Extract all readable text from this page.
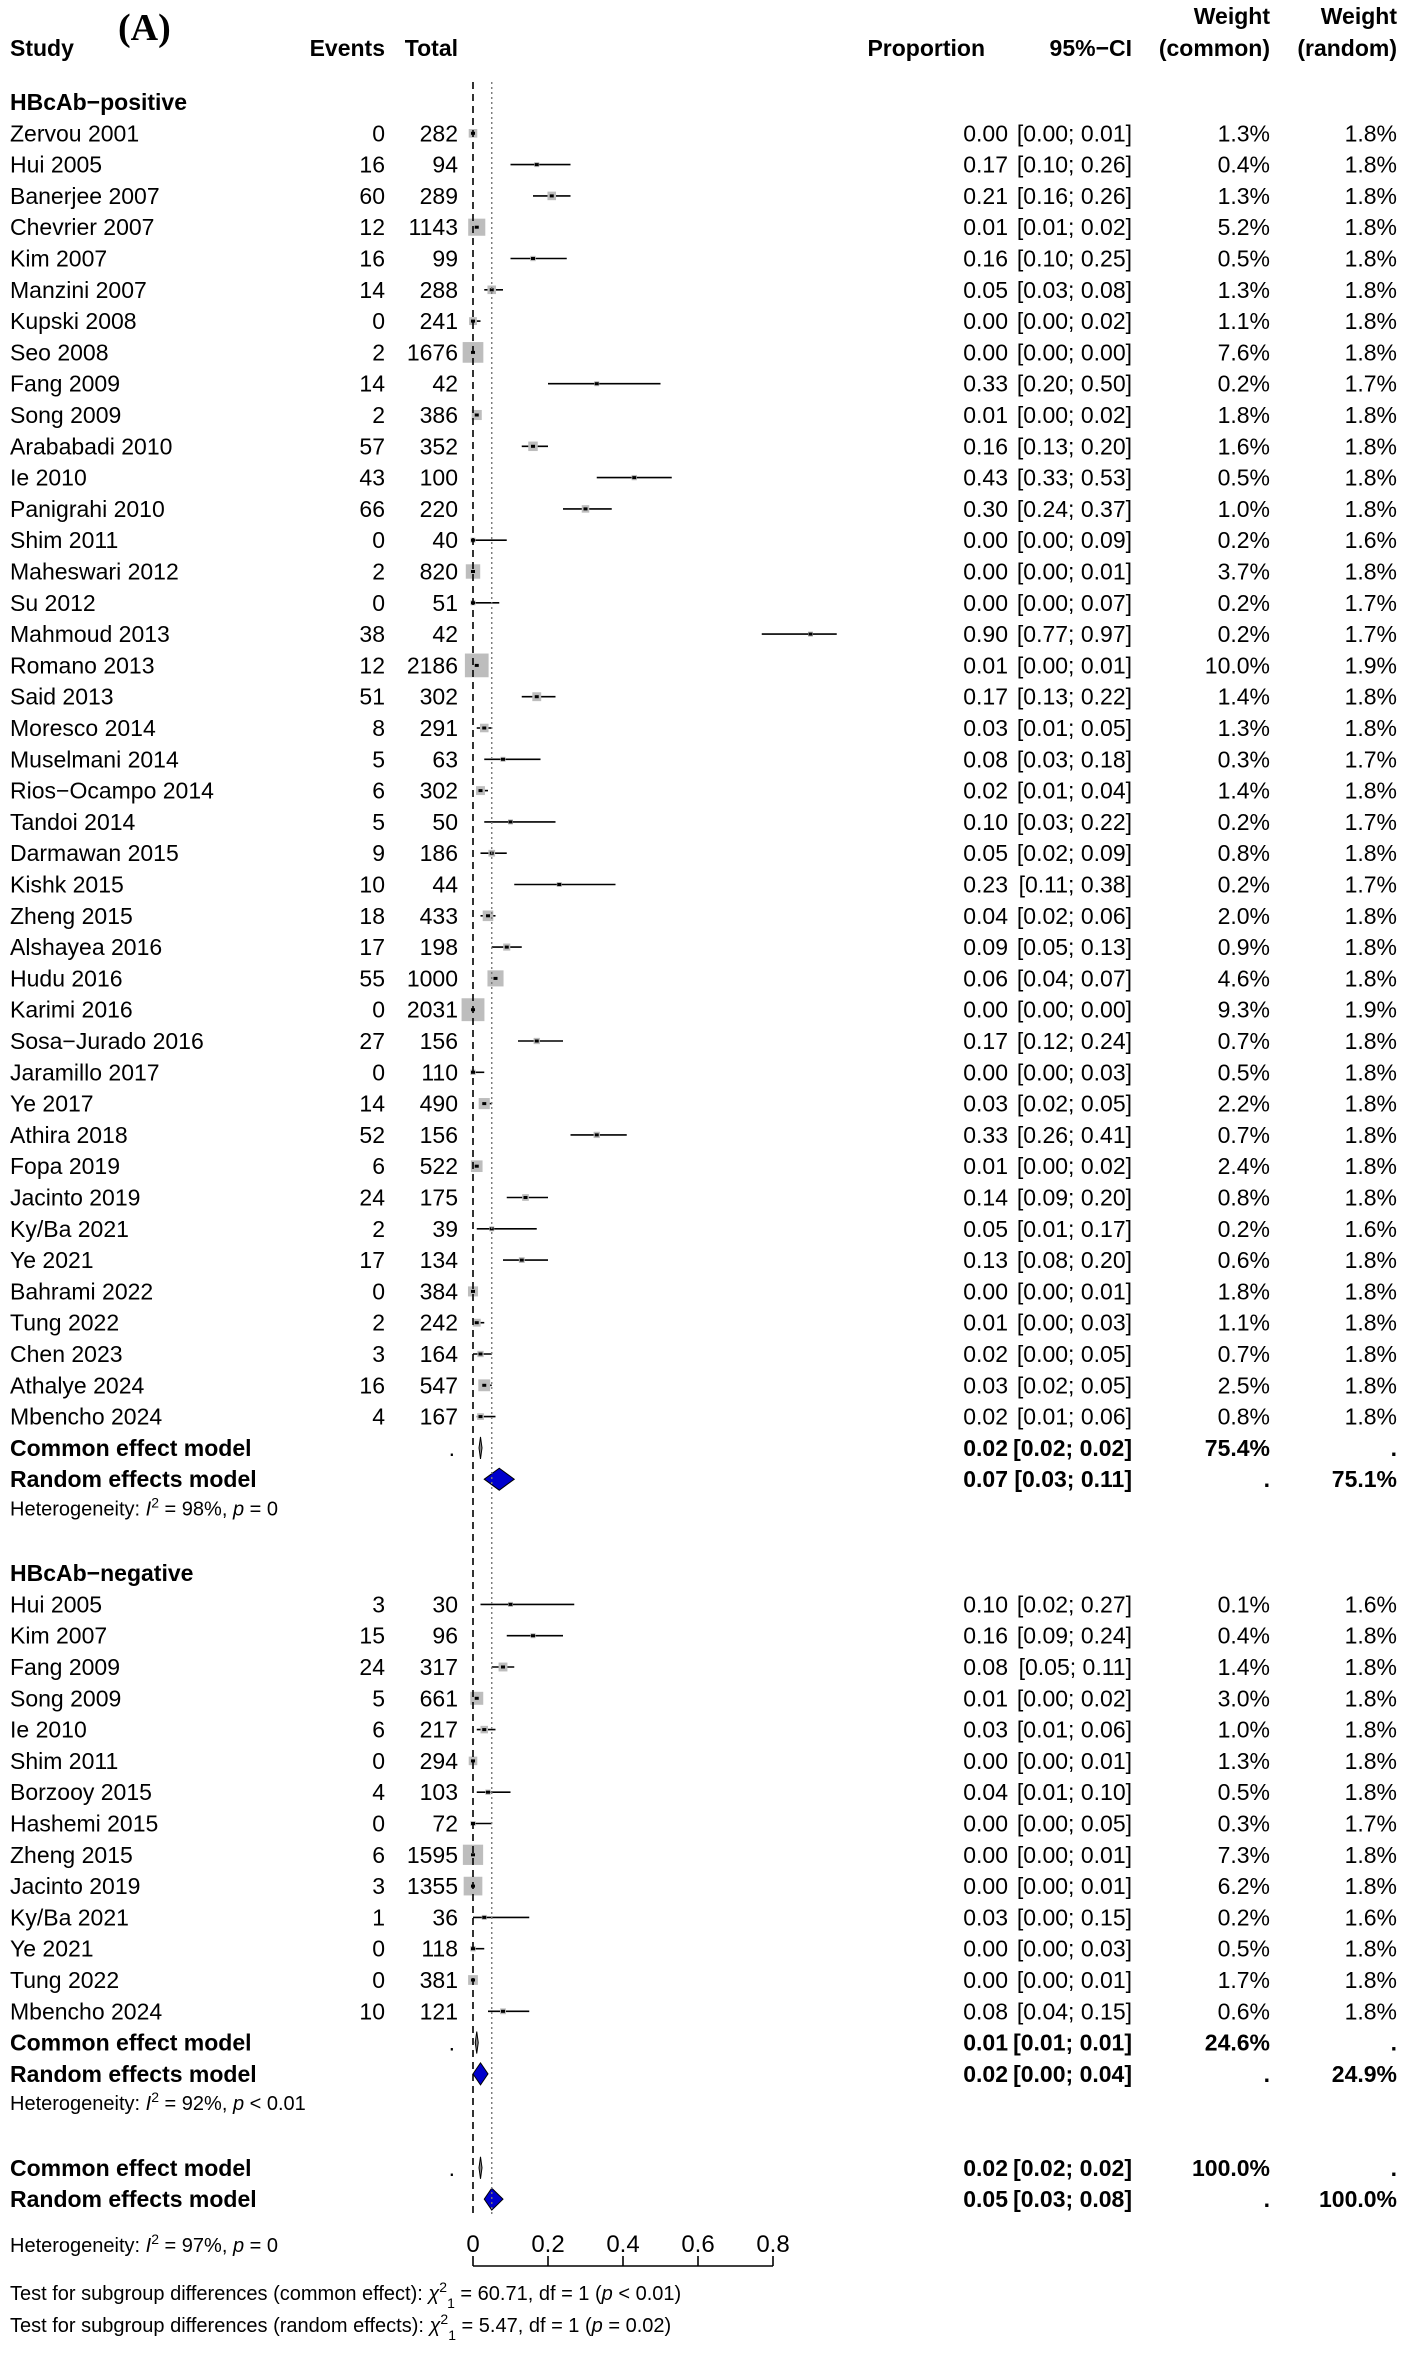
(A)
Study	Events Total	Proportion	95%−CI
Weight
(common)
Weight
(random)
HBcAb−positive
Zervou 2001	0 282	0.00 [0.00; 0.01]	1.3%	1.8%
Hui 2005	16 94	0.17 [0.10; 0.26]	0.4%	1.8%
Banerjee 2007	60 289	0.21 [0.16; 0.26]	1.3%	1.8%
Chevrier 2007	12 1143	0.01 [0.01; 0.02]	5.2%	1.8%
Kim 2007	16 99	0.16 [0.10; 0.25]	0.5%	1.8%
Manzini 2007	14 288	0.05 [0.03; 0.08]	1.3%	1.8%
Kupski 2008	0 241	0.00 [0.00; 0.02]	1.1%	1.8%
Seo 2008	2 1676	0.00 [0.00; 0.00]	7.6%	1.8%
Fang 2009	14 42	0.33 [0.20; 0.50]	0.2%	1.7%
Song 2009	2 386	0.01 [0.00; 0.02]	1.8%	1.8%
Arababadi 2010	57 352	0.16 [0.13; 0.20]	1.6%	1.8%
Ie 2010	43 100	0.43 [0.33; 0.53]	0.5%	1.8%
Panigrahi 2010	66 220	0.30 [0.24; 0.37]	1.0%	1.8%
Shim 2011	0 40	0.00 [0.00; 0.09]	0.2%	1.6%
Maheswari 2012	2 820	0.00 [0.00; 0.01]	3.7%	1.8%
Su 2012	0 51	0.00 [0.00; 0.07]	0.2%	1.7%
Mahmoud 2013	38 42	0.90 [0.77; 0.97]	0.2%	1.7%
Romano 2013	12 2186	0.01 [0.00; 0.01]	10.0%	1.9%
Said 2013	51 302	0.17 [0.13; 0.22]	1.4%	1.8%
Moresco 2014	8 291	0.03 [0.01; 0.05]	1.3%	1.8%
Muselmani 2014	5 63	0.08 [0.03; 0.18]	0.3%	1.7%
Rios−Ocampo 2014	6 302	0.02 [0.01; 0.04]	1.4%	1.8%
Tandoi 2014	5 50	0.10 [0.03; 0.22]	0.2%	1.7%
Darmawan 2015	9 186	0.05 [0.02; 0.09]	0.8%	1.8%
Kishk 2015	10 44	0.23 [0.11; 0.38]	0.2%	1.7%
Zheng 2015	18 433	0.04 [0.02; 0.06]	2.0%	1.8%
Alshayea 2016	17 198	0.09 [0.05; 0.13]	0.9%	1.8%
Hudu 2016	55 1000	0.06 [0.04; 0.07]	4.6%	1.8%
Karimi 2016	0 2031	0.00 [0.00; 0.00]	9.3%	1.9%
Sosa−Jurado 2016	27 156	0.17 [0.12; 0.24]	0.7%	1.8%
Jaramillo 2017	0 110	0.00 [0.00; 0.03]	0.5%	1.8%
Ye 2017	14 490	0.03 [0.02; 0.05]	2.2%	1.8%
Athira 2018	52 156	0.33 [0.26; 0.41]	0.7%	1.8%
Fopa 2019	6 522	0.01 [0.00; 0.02]	2.4%	1.8%
Jacinto 2019	24 175	0.14 [0.09; 0.20]	0.8%	1.8%
Ky/Ba 2021	2 39	0.05 [0.01; 0.17]	0.2%	1.6%
Ye 2021	17 134	0.13 [0.08; 0.20]	0.6%	1.8%
Bahrami 2022	0 384	0.00 [0.00; 0.01]	1.8%	1.8%
Tung 2022	2 242	0.01 [0.00; 0.03]	1.1%	1.8%
Chen 2023	3 164	0.02 [0.00; 0.05]	0.7%	1.8%
Athalye 2024	16 547	0.03 [0.02; 0.05]	2.5%	1.8%
Mbencho 2024	4 167	0.02 [0.01; 0.06]	0.8%	1.8%
Common effect model	.	0.02 [0.02; 0.02]	75.4%	.
Random effects model	0.07 [0.03; 0.11]	.	75.1%
Heterogeneity: $I^2 = 98\%$, p = 0
HBcAb−negative
Hui 2005	3 30	0.10 [0.02; 0.27]	0.1%	1.6%
Kim 2007	15 96	0.16 [0.09; 0.24]	0.4%	1.8%
Fang 2009	24 317	0.08 [0.05; 0.11]	1.4%	1.8%
Song 2009	5 661	0.01 [0.00; 0.02]	3.0%	1.8%
Ie 2010	6 217	0.03 [0.01; 0.06]	1.0%	1.8%
Shim 2011	0 294	0.00 [0.00; 0.01]	1.3%	1.8%
Borzooy 2015	4 103	0.04 [0.01; 0.10]	0.5%	1.8%
Hashemi 2015	0 72	0.00 [0.00; 0.05]	0.3%	1.7%
Zheng 2015	6 1595	0.00 [0.00; 0.01]	7.3%	1.8%
Jacinto 2019	3 1355	0.00 [0.00; 0.01]	6.2%	1.8%
Ky/Ba 2021	1 36	0.03 [0.00; 0.15]	0.2%	1.6%
Ye 2021	0 118	0.00 [0.00; 0.03]	0.5%	1.8%
Tung 2022	0 381	0.00 [0.00; 0.01]	1.7%	1.8%
Mbencho 2024	10 121	0.08 [0.04; 0.15]	0.6%	1.8%
Common effect model	.	0.01 [0.01; 0.01]	24.6%	.
Random effects model	0.02 [0.00; 0.04]	.	24.9%
Heterogeneity: $I^2 = 92\%$, p < 0.01
Common effect model	.	0.02 [0.02; 0.02]	100.0%	.
Random effects model	0.05 [0.03; 0.08]	. 100.0%
0 0.2 0.4 0.6 0.8
Heterogeneity: $I^2 = 97\%$, p = 0
Test for subgroup differences (common effect): $\chi^2_1 = 60.71$, df = 1 (p < 0.01)
Test for subgroup differences (random effects): $\chi^2_1 = 5.47$, df = 1 (p = 0.02)
